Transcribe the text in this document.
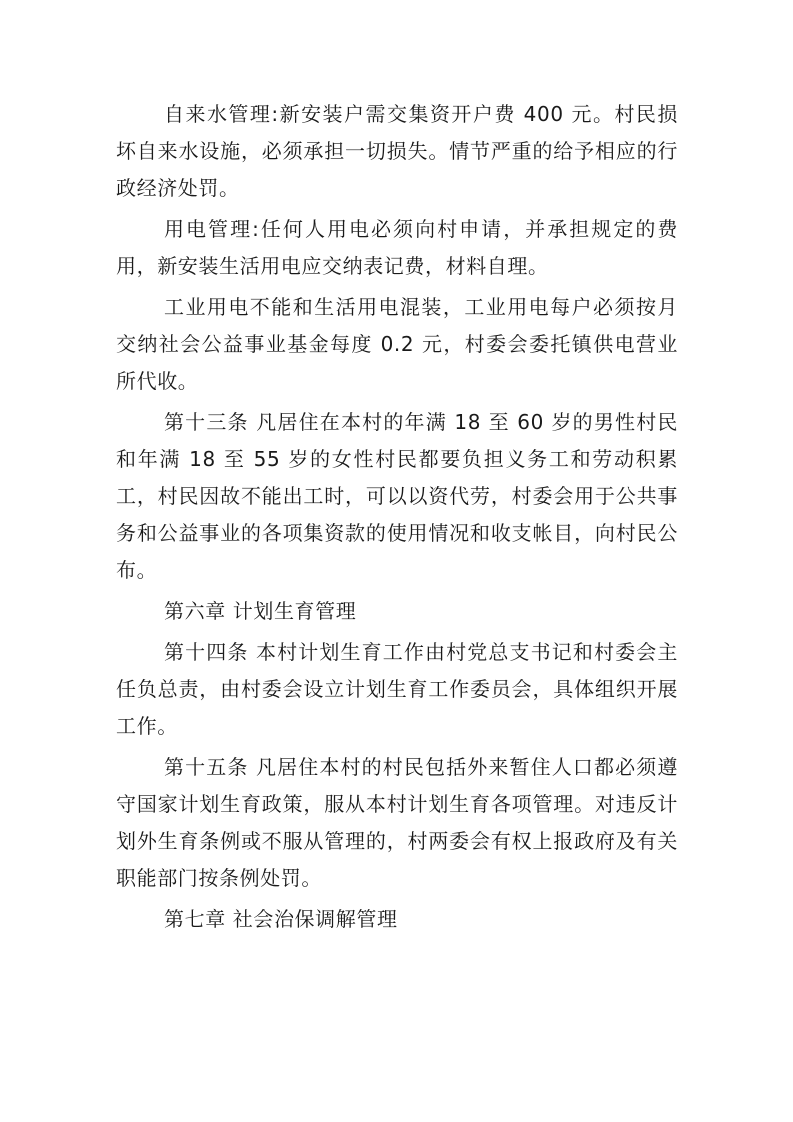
自来水管理:新安装户需交集资开户费 400 元。村民损坏自来水设施，必须承担一切损失。情节严重的给予相应的行政经济处罚。

用电管理:任何人用电必须向村申请，并承担规定的费用，新安装生活用电应交纳表记费，材料自理。

工业用电不能和生活用电混装，工业用电每户必须按月交纳社会公益事业基金每度 0.2 元，村委会委托镇供电营业所代收。

第十三条 凡居住在本村的年满 18 至 60 岁的男性村民和年满 18 至 55 岁的女性村民都要负担义务工和劳动积累工，村民因故不能出工时，可以以资代劳，村委会用于公共事务和公益事业的各项集资款的使用情况和收支帐目，向村民公布。

第六章 计划生育管理

第十四条 本村计划生育工作由村党总支书记和村委会主任负总责，由村委会设立计划生育工作委员会，具体组织开展工作。

第十五条 凡居住本村的村民包括外来暂住人口都必须遵守国家计划生育政策，服从本村计划生育各项管理。对违反计划外生育条例或不服从管理的，村两委会有权上报政府及有关职能部门按条例处罚。

第七章 社会治保调解管理
